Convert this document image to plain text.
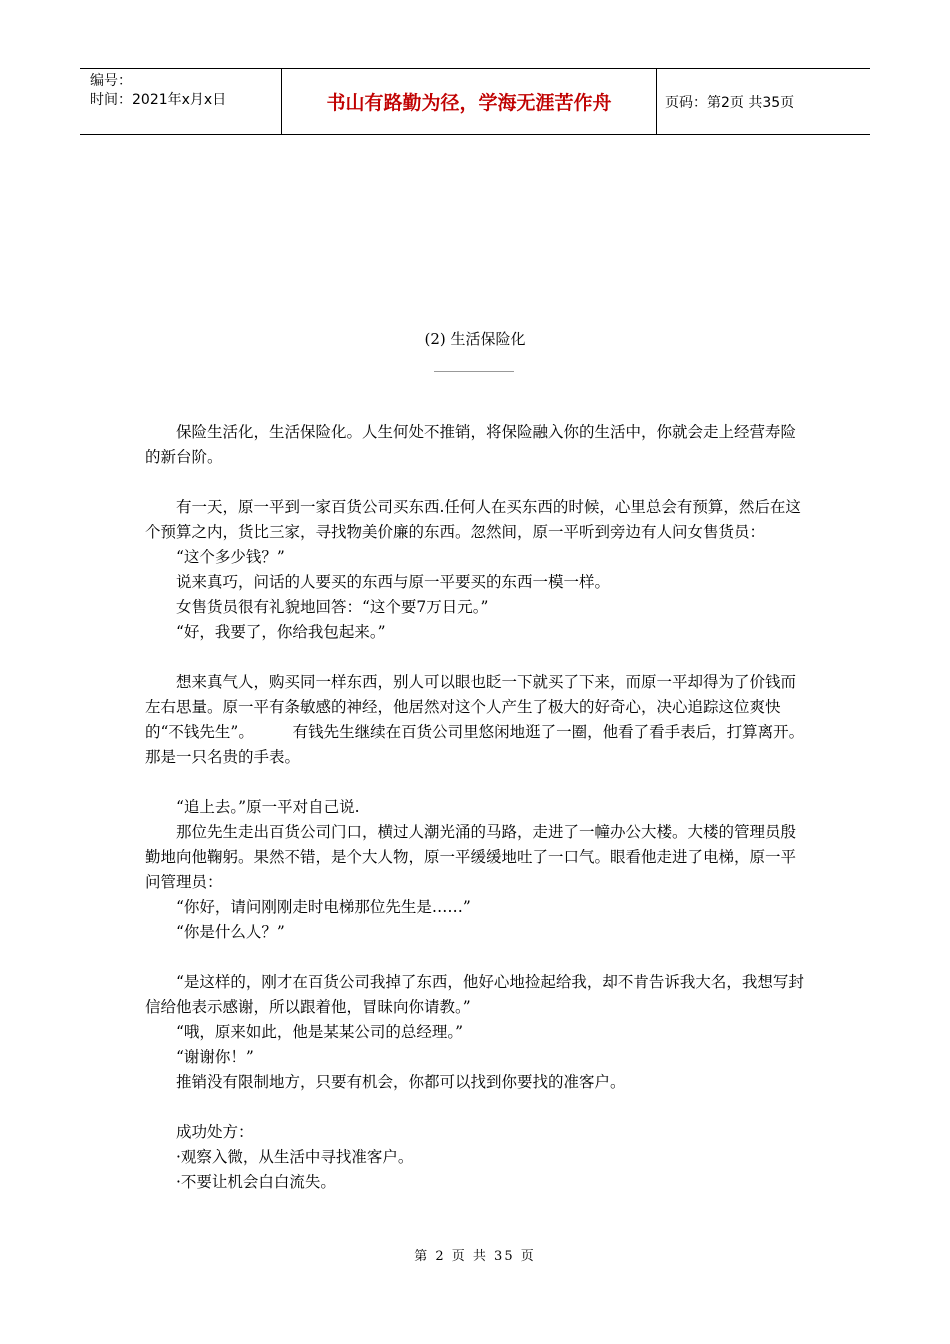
编号：
时间：2021年x月x日	书山有路勤为径，学海无涯苦作舟	页码：第2页 共35页
(2) 生活保险化

保险生活化，生活保险化。人生何处不推销，将保险融入你的生活中，你就会走上经营寿险的新台阶。

有一天，原一平到一家百货公司买东西.任何人在买东西的时候，心里总会有预算，然后在这个预算之内，货比三家，寻找物美价廉的东西。忽然间，原一平听到旁边有人问女售货员：

“这个多少钱？”

说来真巧，问话的人要买的东西与原一平要买的东西一模一样。

女售货员很有礼貌地回答：“这个要7万日元。”

“好，我要了，你给我包起来。”

想来真气人，购买同一样东西，别人可以眼也眨一下就买了下来，而原一平却得为了价钱而左右思量。原一平有条敏感的神经，他居然对这个人产生了极大的好奇心，决心追踪这位爽快的“不钱先生”。　　　有钱先生继续在百货公司里悠闲地逛了一圈，他看了看手表后，打算离开。那是一只名贵的手表。

“追上去。”原一平对自己说.

那位先生走出百货公司门口，横过人潮光涌的马路，走进了一幢办公大楼。大楼的管理员殷勤地向他鞠躬。果然不错，是个大人物，原一平缓缓地吐了一口气。眼看他走进了电梯，原一平问管理员：

“你好，请问刚刚走时电梯那位先生是……”

“你是什么人？”

“是这样的，刚才在百货公司我掉了东西，他好心地捡起给我，却不肯告诉我大名，我想写封信给他表示感谢，所以跟着他，冒昧向你请教。”

“哦，原来如此，他是某某公司的总经理。”

“谢谢你！”

推销没有限制地方，只要有机会，你都可以找到你要找的准客户。

成功处方：

·观察入微，从生活中寻找准客户。

·不要让机会白白流失。

第 2 页 共 35 页
